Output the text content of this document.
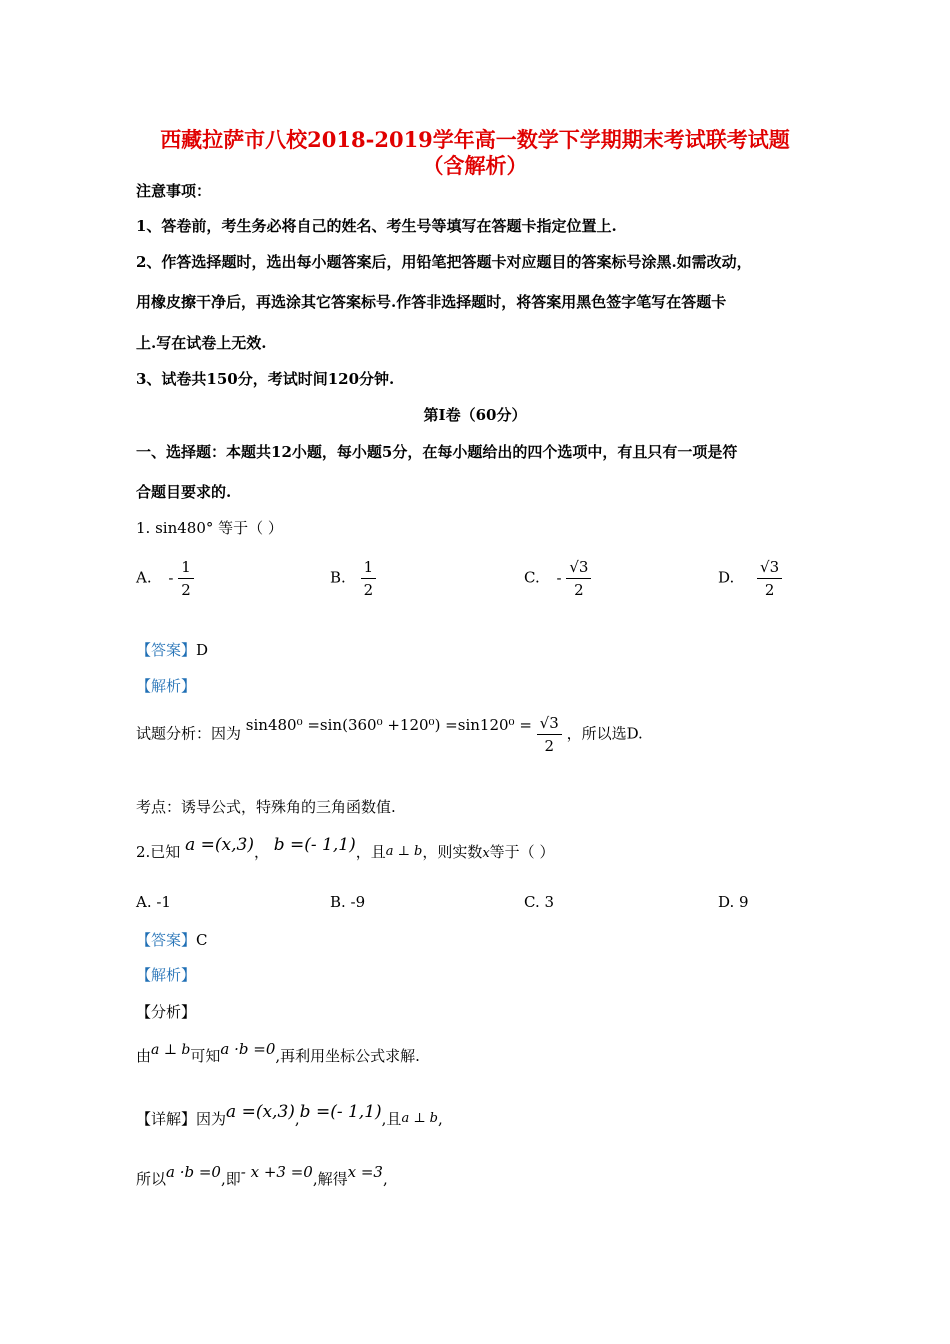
西藏拉萨市八校2018-2019学年高一数学下学期期末考试联考试题
（含解析）
注意事项：
1、答卷前，考生务必将自己的姓名、考生号等填写在答题卡指定位置上.
2、作答选择题时，选出每小题答案后，用铅笔把答题卡对应题目的答案标号涂黑.如需改动，
用橡皮擦干净后，再选涂其它答案标号.作答非选择题时，将答案用黑色签字笔写在答题卡
上.写在试卷上无效.
3、试卷共150分，考试时间120分钟.
第Ⅰ卷（60分）
一、选择题：本题共12小题，每小题5分，在每小题给出的四个选项中，有且只有一项是符
合题目要求的.
1. sin480° 等于（ ）
A. - $\frac{1}{2}$	B. $\frac{1}{2}$	C. - $\frac{√3}{2}$	D. $\frac{√3}{2}$
【答案】D
【解析】
试题分析：因为 $\sin 480^0 =\sin(360^0 +120^0) =\sin 120^0 = \frac{√3}{2}$ ，所以选D.
考点：诱导公式，特殊角的三角函数值.
2.已知 a =(x,3)， b =(- 1,1)，且a ⊥ b，则实数x等于（ ）
A. -1	B. -9	C. 3	D. 9
【答案】C
【解析】
【分析】
由a ⊥ b可知a ·b =0,再利用坐标公式求解.
【详解】因为a =(x,3),b =(- 1,1),且a ⊥ b,
所以a ·b =0,即- x +3 =0,解得x =3,
